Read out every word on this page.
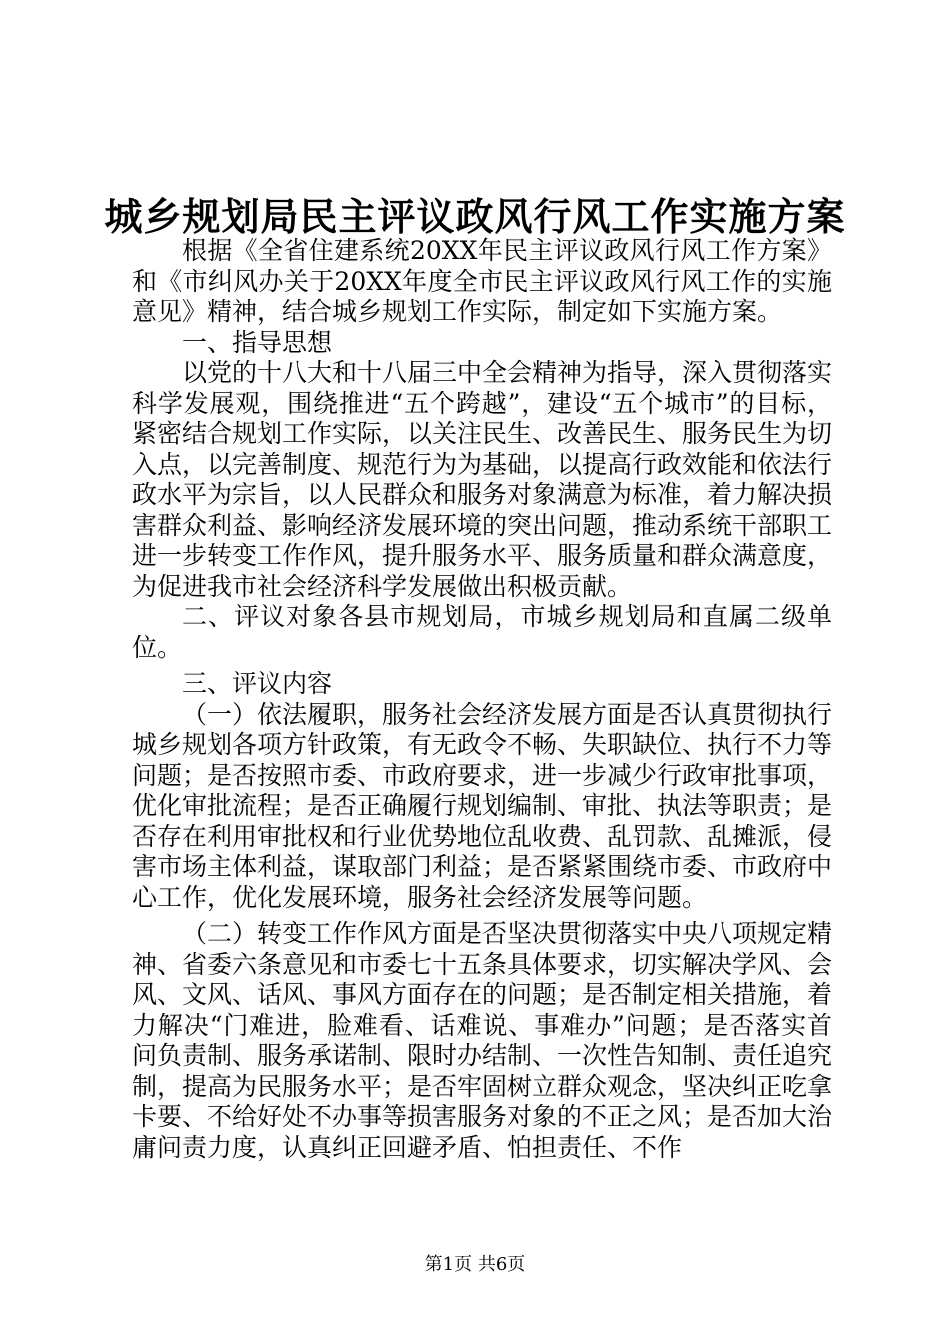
城乡规划局民主评议政风行风工作实施方案

根据《全省住建系统20XX年民主评议政风行风工作方案》和《市纠风办关于20XX年度全市民主评议政风行风工作的实施意见》精神，结合城乡规划工作实际，制定如下实施方案。

一、指导思想

以党的十八大和十八届三中全会精神为指导，深入贯彻落实科学发展观，围绕推进“五个跨越”，建设“五个城市”的目标，紧密结合规划工作实际，以关注民生、改善民生、服务民生为切入点，以完善制度、规范行为为基础，以提高行政效能和依法行政水平为宗旨，以人民群众和服务对象满意为标准，着力解决损害群众利益、影响经济发展环境的突出问题，推动系统干部职工进一步转变工作作风，提升服务水平、服务质量和群众满意度，为促进我市社会经济科学发展做出积极贡献。

二、评议对象各县市规划局，市城乡规划局和直属二级单位。

三、评议内容

（一）依法履职，服务社会经济发展方面是否认真贯彻执行城乡规划各项方针政策，有无政令不畅、失职缺位、执行不力等问题；是否按照市委、市政府要求，进一步减少行政审批事项，优化审批流程；是否正确履行规划编制、审批、执法等职责；是否存在利用审批权和行业优势地位乱收费、乱罚款、乱摊派，侵害市场主体利益，谋取部门利益；是否紧紧围绕市委、市政府中心工作，优化发展环境，服务社会经济发展等问题。

（二）转变工作作风方面是否坚决贯彻落实中央八项规定精神、省委六条意见和市委七十五条具体要求，切实解决学风、会风、文风、话风、事风方面存在的问题；是否制定相关措施，着力解决“门难进，脸难看、话难说、事难办”问题；是否落实首问负责制、服务承诺制、限时办结制、一次性告知制、责任追究制，提高为民服务水平；是否牢固树立群众观念，坚决纠正吃拿卡要、不给好处不办事等损害服务对象的不正之风；是否加大治庸问责力度，认真纠正回避矛盾、怕担责任、不作

第1页 共6页
